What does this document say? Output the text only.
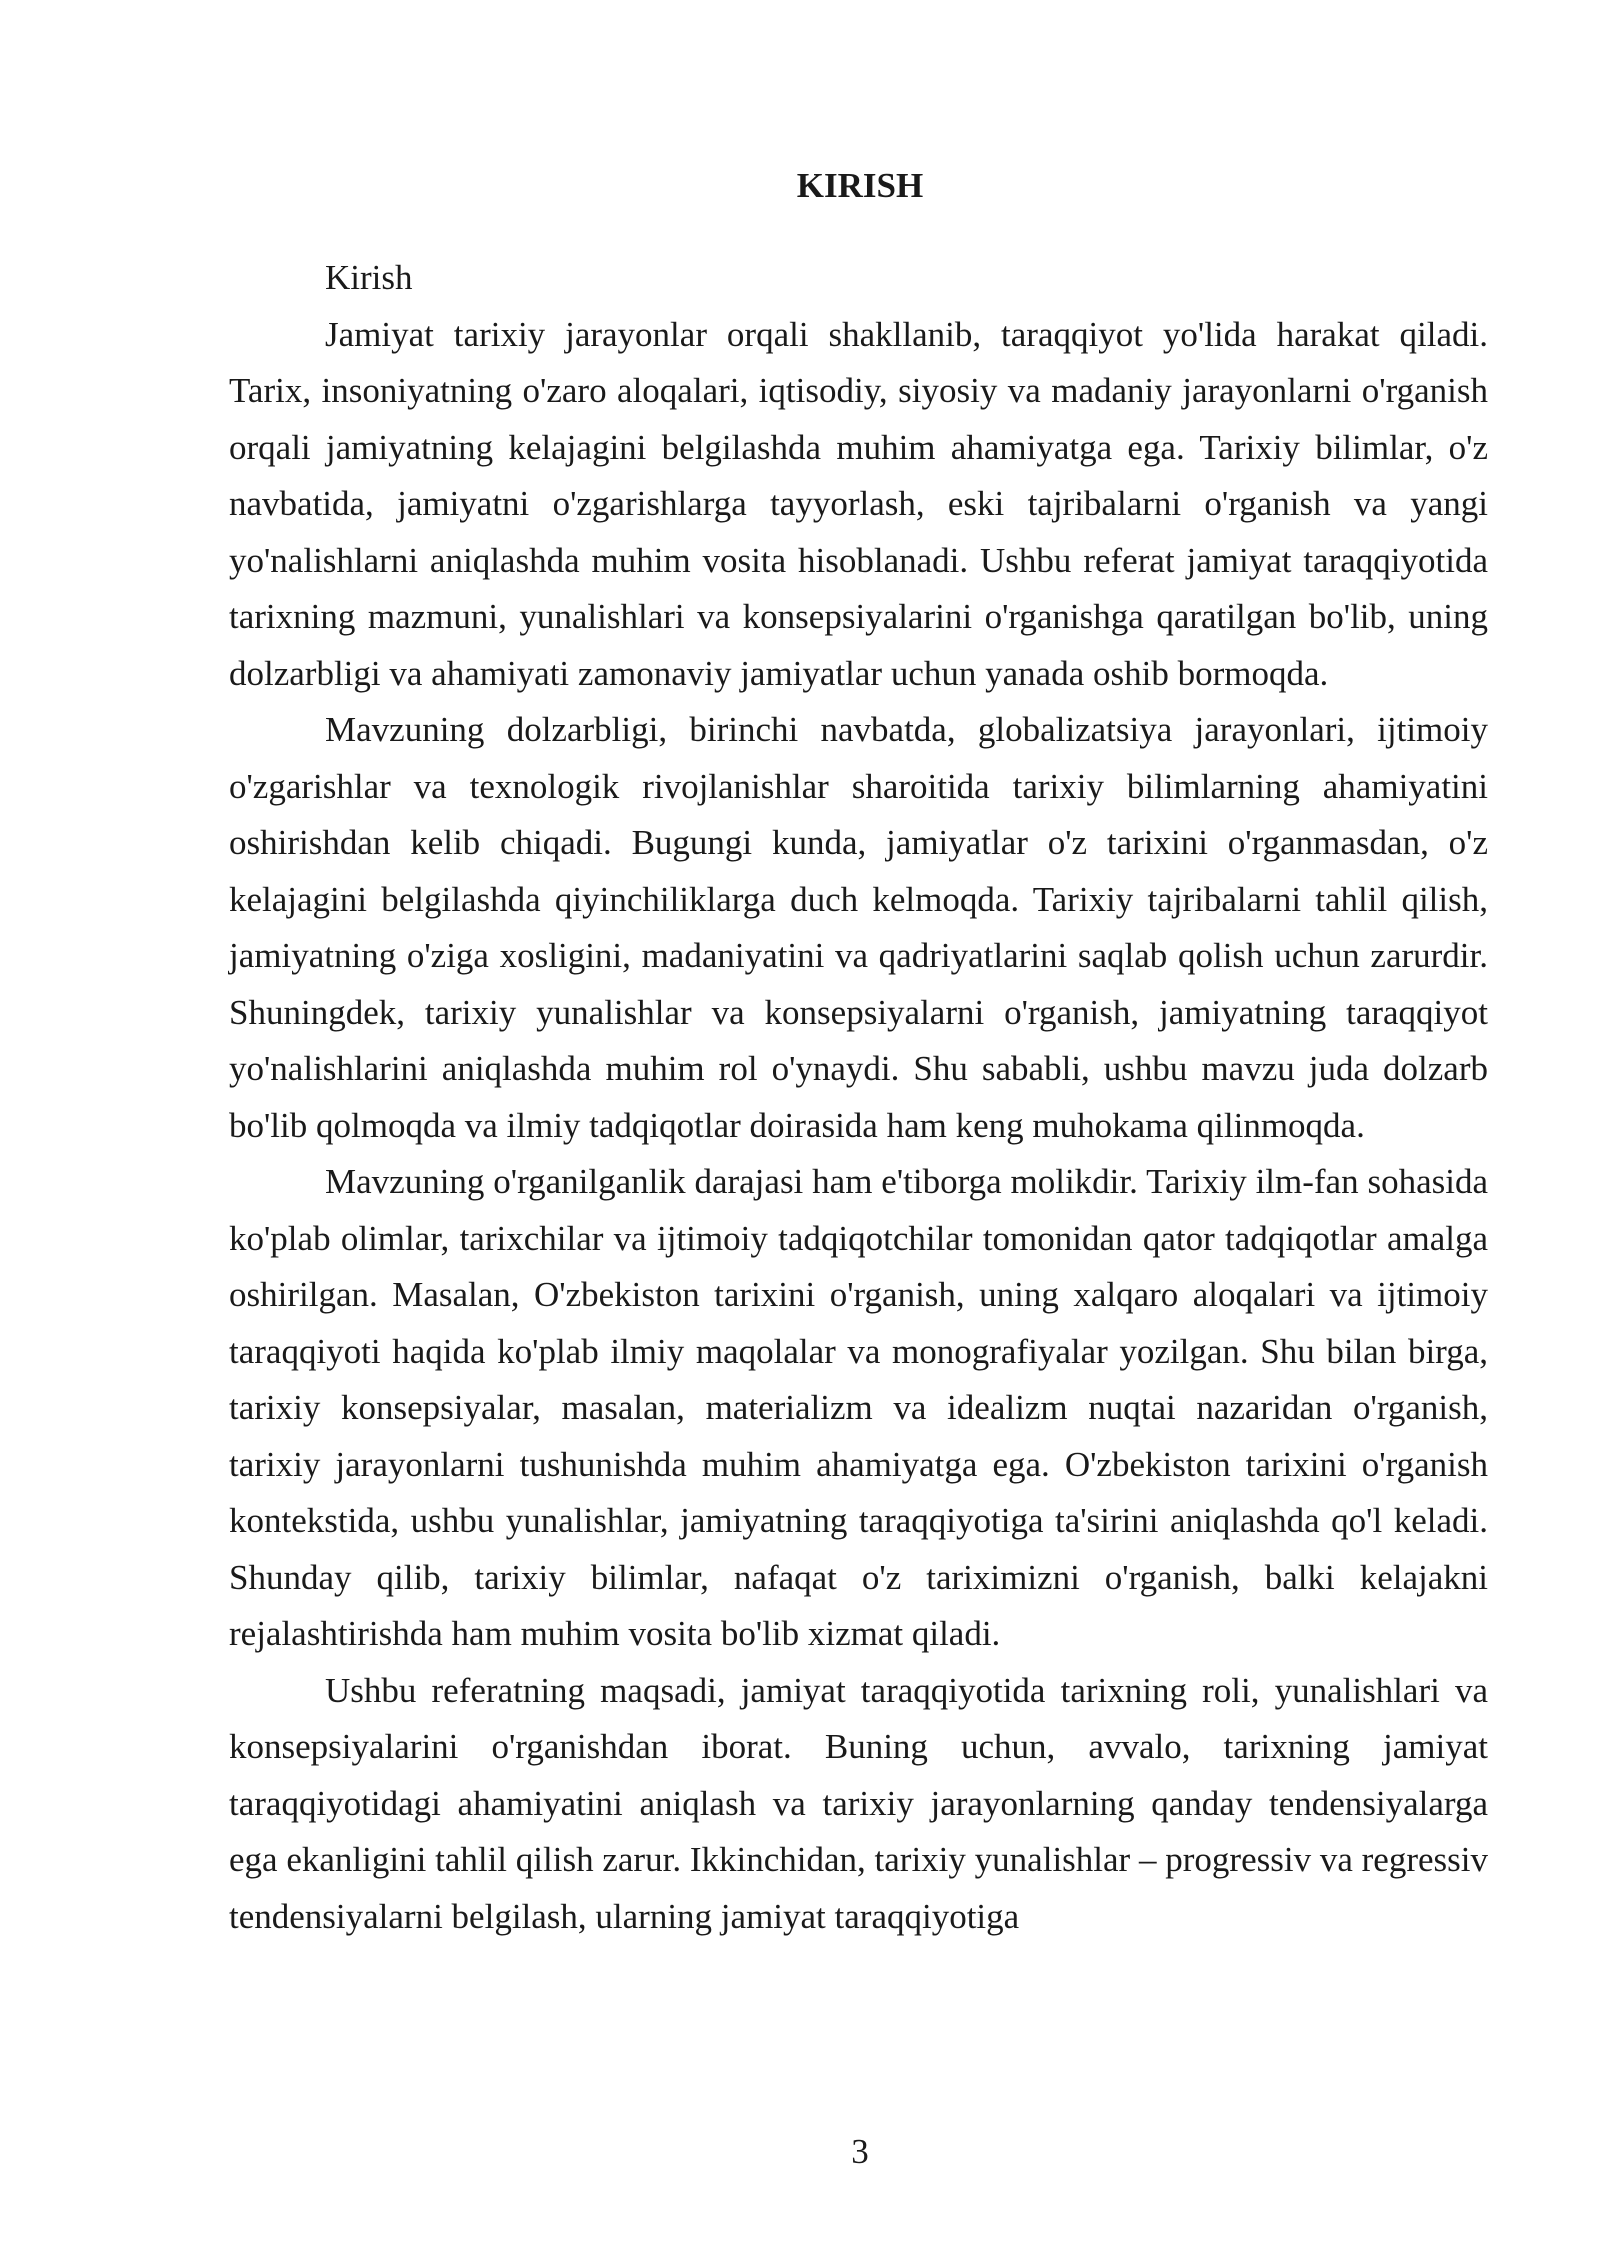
KIRISH

Kirish

Jamiyat tarixiy jarayonlar orqali shakllanib, taraqqiyot yo'lida harakat qiladi. Tarix, insoniyatning o'zaro aloqalari, iqtisodiy, siyosiy va madaniy jarayonlarni o'rganish orqali jamiyatning kelajagini belgilashda muhim ahamiyatga ega. Tarixiy bilimlar, o'z navbatida, jamiyatni o'zgarishlarga tayyorlash, eski tajribalarni o'rganish va yangi yo'nalishlarni aniqlashda muhim vosita hisoblanadi. Ushbu referat jamiyat taraqqiyotida tarixning mazmuni, yunalishlari va konsepsiyalarini o'rganishga qaratilgan bo'lib, uning dolzarbligi va ahamiyati zamonaviy jamiyatlar uchun yanada oshib bormoqda.

Mavzuning dolzarbligi, birinchi navbatda, globalizatsiya jarayonlari, ijtimoiy o'zgarishlar va texnologik rivojlanishlar sharoitida tarixiy bilimlarning ahamiyatini oshirishdan kelib chiqadi. Bugungi kunda, jamiyatlar o'z tarixini o'rganmasdan, o'z kelajagini belgilashda qiyinchiliklarga duch kelmoqda. Tarixiy tajribalarni tahlil qilish, jamiyatning o'ziga xosligini, madaniyatini va qadriyatlarini saqlab qolish uchun zarurdir. Shuningdek, tarixiy yunalishlar va konsepsiyalarni o'rganish, jamiyatning taraqqiyot yo'nalishlarini aniqlashda muhim rol o'ynaydi. Shu sababli, ushbu mavzu juda dolzarb bo'lib qolmoqda va ilmiy tadqiqotlar doirasida ham keng muhokama qilinmoqda.

Mavzuning o'rganilganlik darajasi ham e'tiborga molikdir. Tarixiy ilm-fan sohasida ko'plab olimlar, tarixchilar va ijtimoiy tadqiqotchilar tomonidan qator tadqiqotlar amalga oshirilgan. Masalan, O'zbekiston tarixini o'rganish, uning xalqaro aloqalari va ijtimoiy taraqqiyoti haqida ko'plab ilmiy maqolalar va monografiyalar yozilgan. Shu bilan birga, tarixiy konsepsiyalar, masalan, materializm va idealizm nuqtai nazaridan o'rganish, tarixiy jarayonlarni tushunishda muhim ahamiyatga ega. O'zbekiston tarixini o'rganish kontekstida, ushbu yunalishlar, jamiyatning taraqqiyotiga ta'sirini aniqlashda qo'l keladi. Shunday qilib, tarixiy bilimlar, nafaqat o'z tariximizni o'rganish, balki kelajakni rejalashtirishda ham muhim vosita bo'lib xizmat qiladi.

Ushbu referatning maqsadi, jamiyat taraqqiyotida tarixning roli, yunalishlari va konsepsiyalarini o'rganishdan iborat. Buning uchun, avvalo, tarixning jamiyat taraqqiyotidagi ahamiyatini aniqlash va tarixiy jarayonlarning qanday tendensiyalarga ega ekanligini tahlil qilish zarur. Ikkinchidan, tarixiy yunalishlar – progressiv va regressiv tendensiyalarni belgilash, ularning jamiyat taraqqiyotiga

3
